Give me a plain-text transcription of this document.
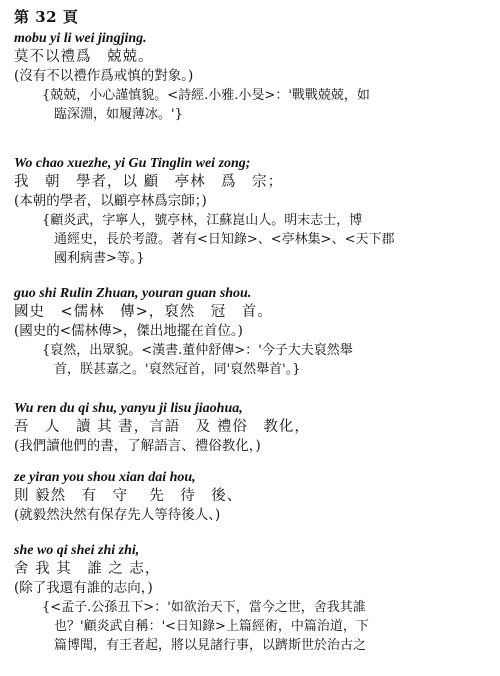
第 32 頁
mobu yi li wei jingjing.
莫不以禮爲　兢兢。
(沒有不以禮作爲戒慎的對象。)
{兢兢，小心謹慎貌。<詩經.小雅.小旻>：'戰戰兢兢，如
臨深淵，如履薄冰。'}
Wo chao xuezhe, yi Gu Tinglin wei zong;
我　朝　學者，以 顧　亭林　爲　宗；
(本朝的學者，以顧亭林爲宗師；)
{顧炎武，字寧人，號亭林，江蘇崑山人。明末志士，博
通經史，長於考證。著有<日知錄>、<亭林集>、<天下郡
國利病書>等。}
guo shi Rulin Zhuan, youran guan shou.
國史　<儒林　傳>，裒然　冠　首。
(國史的<儒林傳>，傑出地擺在首位。)
{裒然，出眾貌。<漢書.董仲舒傳>：'今子大夫裒然舉
首，朕甚嘉之。'裒然冠首，同'裒然舉首'。}
Wu ren du qi shu, yanyu ji lisu jiaohua,
吾　人　讀 其 書，言語　及 禮俗　教化，
(我們讀他們的書，了解語言、禮俗教化，)
ze yiran you shou xian dai hou,
則 毅然　有　守　 先　待　後、
(就毅然決然有保存先人等待後人、)
she wo qi shei zhi zhi,
舍 我 其　誰 之 志，
(除了我還有誰的志向，)
{<孟子.公孫丑下>：'如欲治天下，當今之世，舍我其誰
也？'顧炎武自稱：'<日知錄>上篇經術，中篇治道，下
篇博聞，有王者起，將以見諸行事，以躋斯世於治古之
